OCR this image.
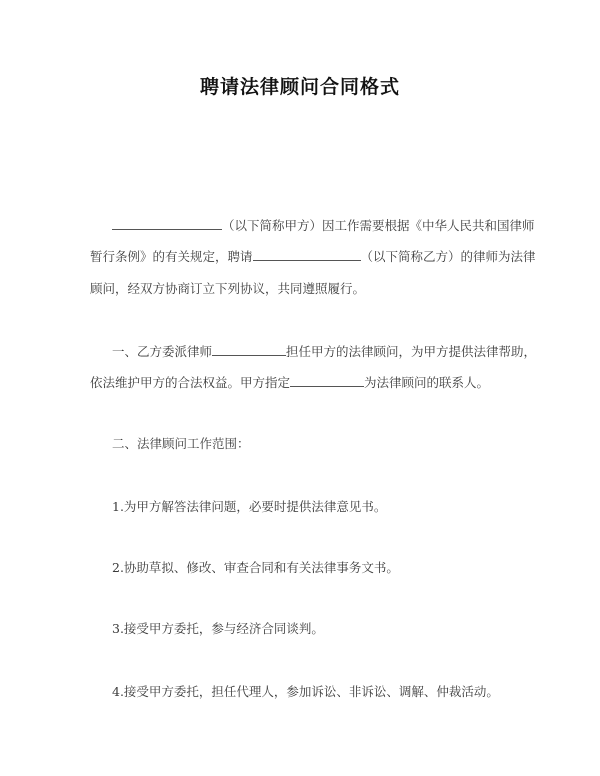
聘请法律顾问合同格式
（以下简称甲方）因工作需要根据《中华人民共和国律师
暂行条例》的有关规定，聘请	（以下简称乙方）的律师为法律
顾问，经双方协商订立下列协议，共同遵照履行。
一、乙方委派律师	担任甲方的法律顾问，为甲方提供法律帮助，
依法维护甲方的合法权益。甲方指定	为法律顾问的联系人。
二、法律顾问工作范围：
1.为甲方解答法律问题，必要时提供法律意见书。
2.协助草拟、修改、审查合同和有关法律事务文书。
3.接受甲方委托，参与经济合同谈判。
4.接受甲方委托，担任代理人，参加诉讼、非诉讼、调解、仲裁活动。
